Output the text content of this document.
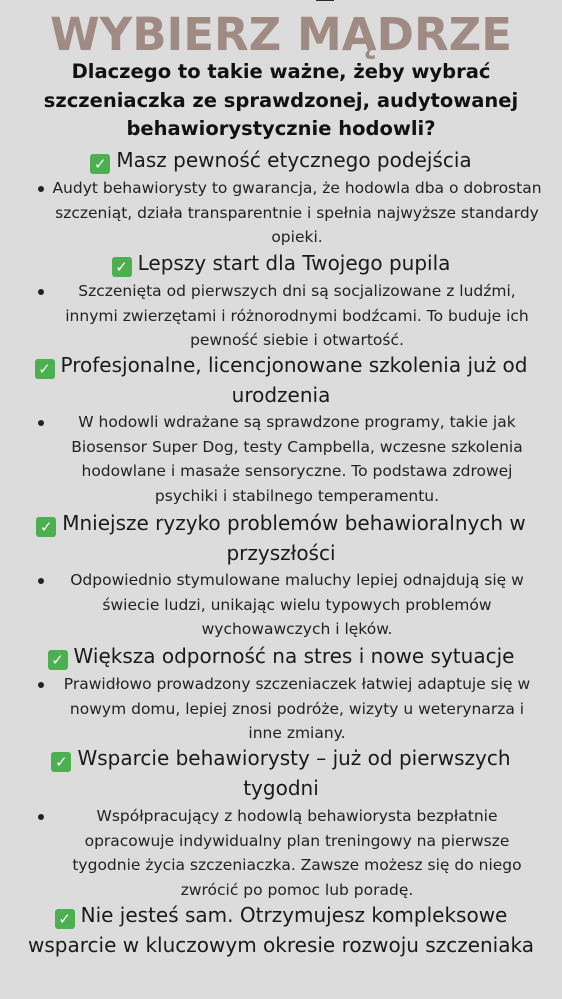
WYBIERZ MĄDRZE
Dlaczego to takie ważne, żeby wybrać szczeniaczka ze sprawdzonej, audytowanej behawiorystycznie hodowli?
✓ Masz pewność etycznego podejścia
Audyt behawiorysty to gwarancja, że hodowla dba o dobrostan szczeniąt, działa transparentnie i spełnia najwyższe standardy opieki.
✓ Lepszy start dla Twojego pupila
Szczenięta od pierwszych dni są socjalizowane z ludźmi, innymi zwierzętami i różnorodnymi bodźcami. To buduje ich pewność siebie i otwartość.
✓ Profesjonalne, licencjonowane szkolenia już od urodzenia
W hodowli wdrażane są sprawdzone programy, takie jak Biosensor Super Dog, testy Campbella, wczesne szkolenia hodowlane i masaże sensoryczne. To podstawa zdrowej psychiki i stabilnego temperamentu.
✓ Mniejsze ryzyko problemów behawioralnych w przyszłości
Odpowiednio stymulowane maluchy lepiej odnajdują się w świecie ludzi, unikając wielu typowych problemów wychowawczych i lęków.
✓ Większa odporność na stres i nowe sytuacje
Prawidłowo prowadzony szczeniaczek łatwiej adaptuje się w nowym domu, lepiej znosi podróże, wizyty u weterynarza i inne zmiany.
✓ Wsparcie behawiorysty – już od pierwszych tygodni
Współpracujący z hodowlą behawiorysta bezpłatnie opracowuje indywidualny plan treningowy na pierwsze tygodnie życia szczeniaczka. Zawsze możesz się do niego zwrócić po pomoc lub poradę.
✓ Nie jesteś sam. Otrzymujesz kompleksowe wsparcie w kluczowym okresie rozwoju szczeniaka
